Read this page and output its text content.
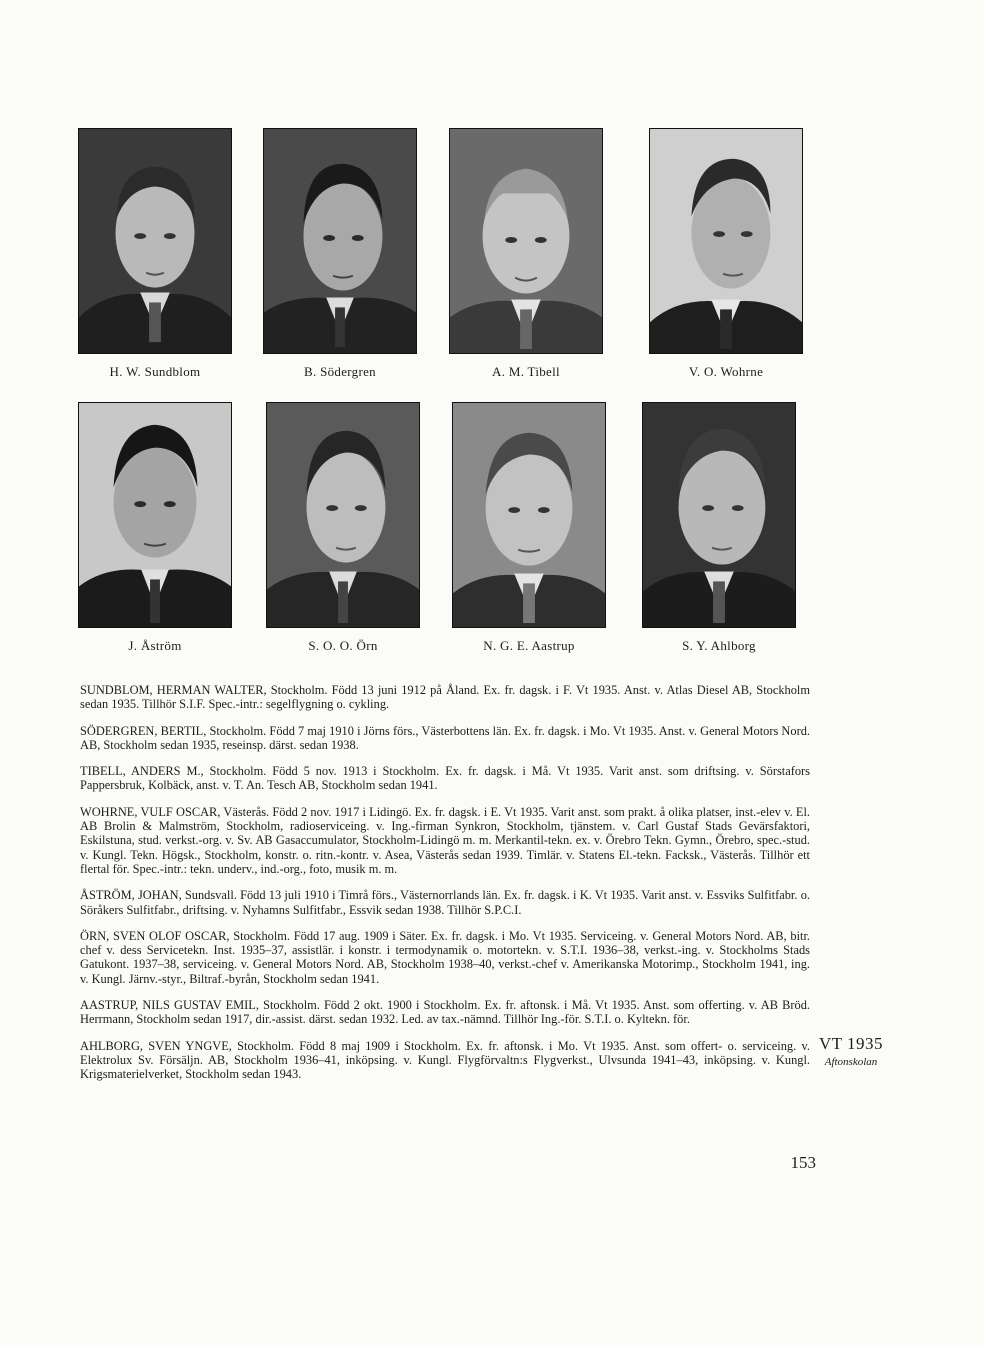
H. W. Sundblom	B. Södergren	A. M. Tibell	V. O. Wohrne
J. Åström	S. O. O. Örn	N. G. E. Aastrup	S. Y. Ahlborg

SUNDBLOM, HERMAN WALTER, Stockholm. Född 13 juni 1912 på Åland. Ex. fr. dagsk. i F. Vt 1935. Anst. v. Atlas Diesel AB, Stockholm sedan 1935. Tillhör S.I.F. Spec.-intr.: segelflygning o. cykling.

SÖDERGREN, BERTIL, Stockholm. Född 7 maj 1910 i Jörns förs., Västerbottens län. Ex. fr. dagsk. i Mo. Vt 1935. Anst. v. General Motors Nord. AB, Stockholm sedan 1935, reseinsp. därst. sedan 1938.

TIBELL, ANDERS M., Stockholm. Född 5 nov. 1913 i Stockholm. Ex. fr. dagsk. i Må. Vt 1935. Varit anst. som driftsing. v. Sörstafors Pappersbruk, Kolbäck, anst. v. T. An. Tesch AB, Stockholm sedan 1941.

WOHRNE, VULF OSCAR, Västerås. Född 2 nov. 1917 i Lidingö. Ex. fr. dagsk. i E. Vt 1935. Varit anst. som prakt. å olika platser, inst.-elev v. El. AB Brolin & Malmström, Stockholm, radioserviceing. v. Ing.-firman Synkron, Stockholm, tjänstem. v. Carl Gustaf Stads Gevärsfaktori, Eskilstuna, stud. verkst.-org. v. Sv. AB Gasaccumulator, Stockholm-Lidingö m. m. Merkantil-tekn. ex. v. Örebro Tekn. Gymn., Örebro, spec.-stud. v. Kungl. Tekn. Högsk., Stockholm, konstr. o. ritn.-kontr. v. Asea, Västerås sedan 1939. Timlär. v. Statens El.-tekn. Facksk., Västerås. Tillhör ett flertal för. Spec.-intr.: tekn. underv., ind.-org., foto, musik m. m.

ÅSTRÖM, JOHAN, Sundsvall. Född 13 juli 1910 i Timrå förs., Västernorrlands län. Ex. fr. dagsk. i K. Vt 1935. Varit anst. v. Essviks Sulfitfabr. o. Söråkers Sulfitfabr., driftsing. v. Nyhamns Sulfitfabr., Essvik sedan 1938. Tillhör S.P.C.I.

ÖRN, SVEN OLOF OSCAR, Stockholm. Född 17 aug. 1909 i Säter. Ex. fr. dagsk. i Mo. Vt 1935. Serviceing. v. General Motors Nord. AB, bitr. chef v. dess Servicetekn. Inst. 1935–37, assistlär. i konstr. i termodynamik o. motortekn. v. S.T.I. 1936–38, verkst.-ing. v. Stockholms Stads Gatukont. 1937–38, serviceing. v. General Motors Nord. AB, Stockholm 1938–40, verkst.-chef v. Amerikanska Motorimp., Stockholm 1941, ing. v. Kungl. Järnv.-styr., Biltraf.-byrån, Stockholm sedan 1941.

AASTRUP, NILS GUSTAV EMIL, Stockholm. Född 2 okt. 1900 i Stockholm. Ex. fr. aftonsk. i Må. Vt 1935. Anst. som offerting. v. AB Bröd. Herrmann, Stockholm sedan 1917, dir.-assist. därst. sedan 1932. Led. av tax.-nämnd. Tillhör Ing.-för. S.T.I. o. Kyltekn. för.

AHLBORG, SVEN YNGVE, Stockholm. Född 8 maj 1909 i Stockholm. Ex. fr. aftonsk. i Mo. Vt 1935. Anst. som offert- o. serviceing. v. Elektrolux Sv. Försäljn. AB, Stockholm 1936–41, inköpsing. v. Kungl. Flygförvaltn:s Flygverkst., Ulvsunda 1941–43, inköpsing. v. Kungl. Krigsmaterielverket, Stockholm sedan 1943.

VT 1935
Aftonskolan
153
